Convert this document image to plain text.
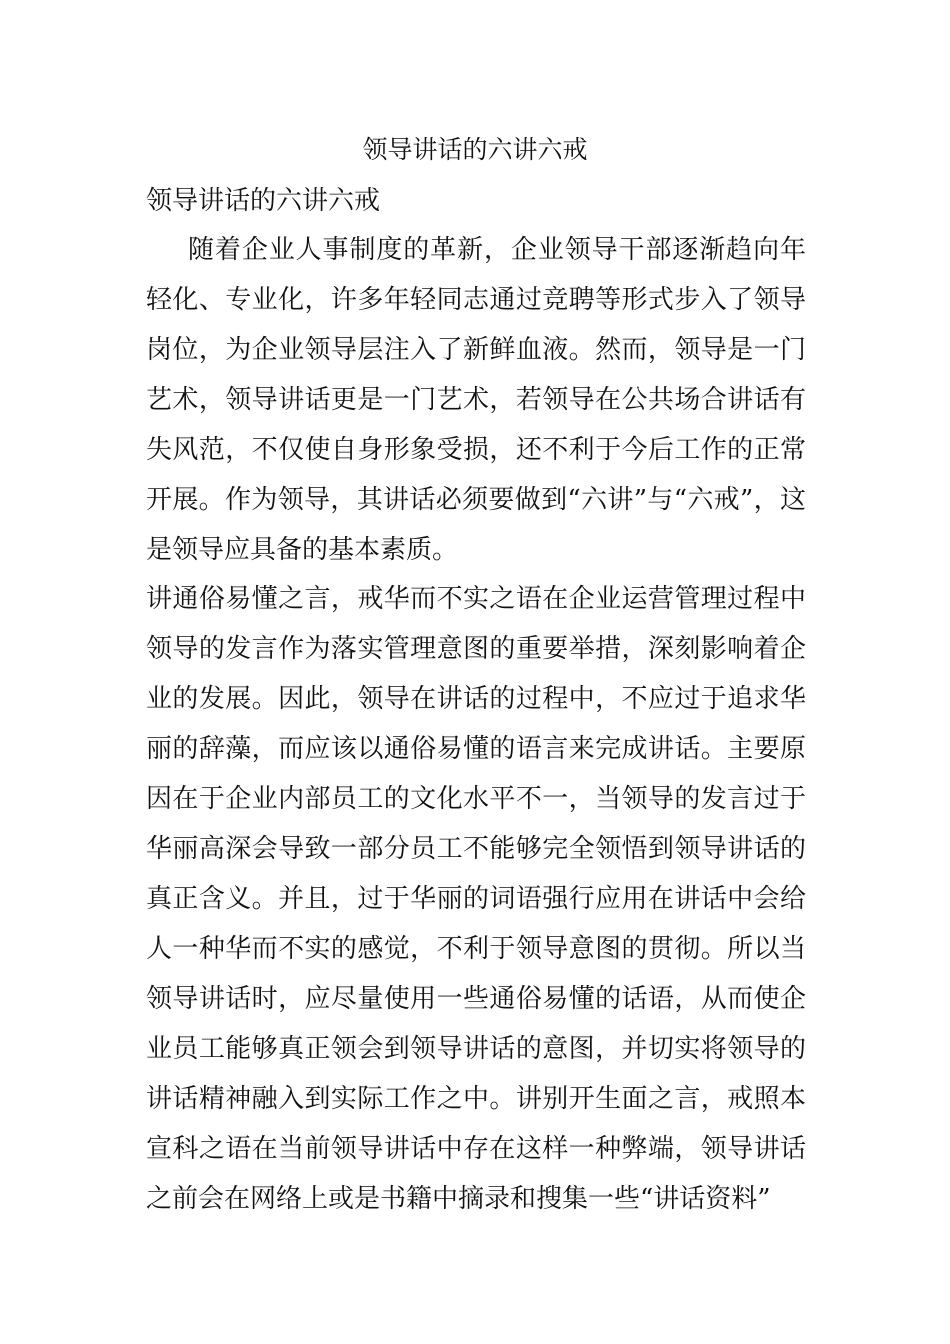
领导讲话的六讲六戒

领导讲话的六讲六戒

随着企业人事制度的革新，企业领导干部逐渐趋向年轻化、专业化，许多年轻同志通过竞聘等形式步入了领导岗位，为企业领导层注入了新鲜血液。然而，领导是一门艺术，领导讲话更是一门艺术，若领导在公共场合讲话有失风范，不仅使自身形象受损，还不利于今后工作的正常开展。作为领导，其讲话必须要做到“六讲”与“六戒”，这是领导应具备的基本素质。

讲通俗易懂之言，戒华而不实之语在企业运营管理过程中领导的发言作为落实管理意图的重要举措，深刻影响着企业的发展。因此，领导在讲话的过程中，不应过于追求华丽的辞藻，而应该以通俗易懂的语言来完成讲话。主要原因在于企业内部员工的文化水平不一，当领导的发言过于华丽高深会导致一部分员工不能够完全领悟到领导讲话的真正含义。并且，过于华丽的词语强行应用在讲话中会给人一种华而不实的感觉，不利于领导意图的贯彻。所以当领导讲话时，应尽量使用一些通俗易懂的话语，从而使企业员工能够真正领会到领导讲话的意图，并切实将领导的讲话精神融入到实际工作之中。讲别开生面之言，戒照本宣科之语在当前领导讲话中存在这样一种弊端，领导讲话之前会在网络上或是书籍中摘录和搜集一些“讲话资料”
